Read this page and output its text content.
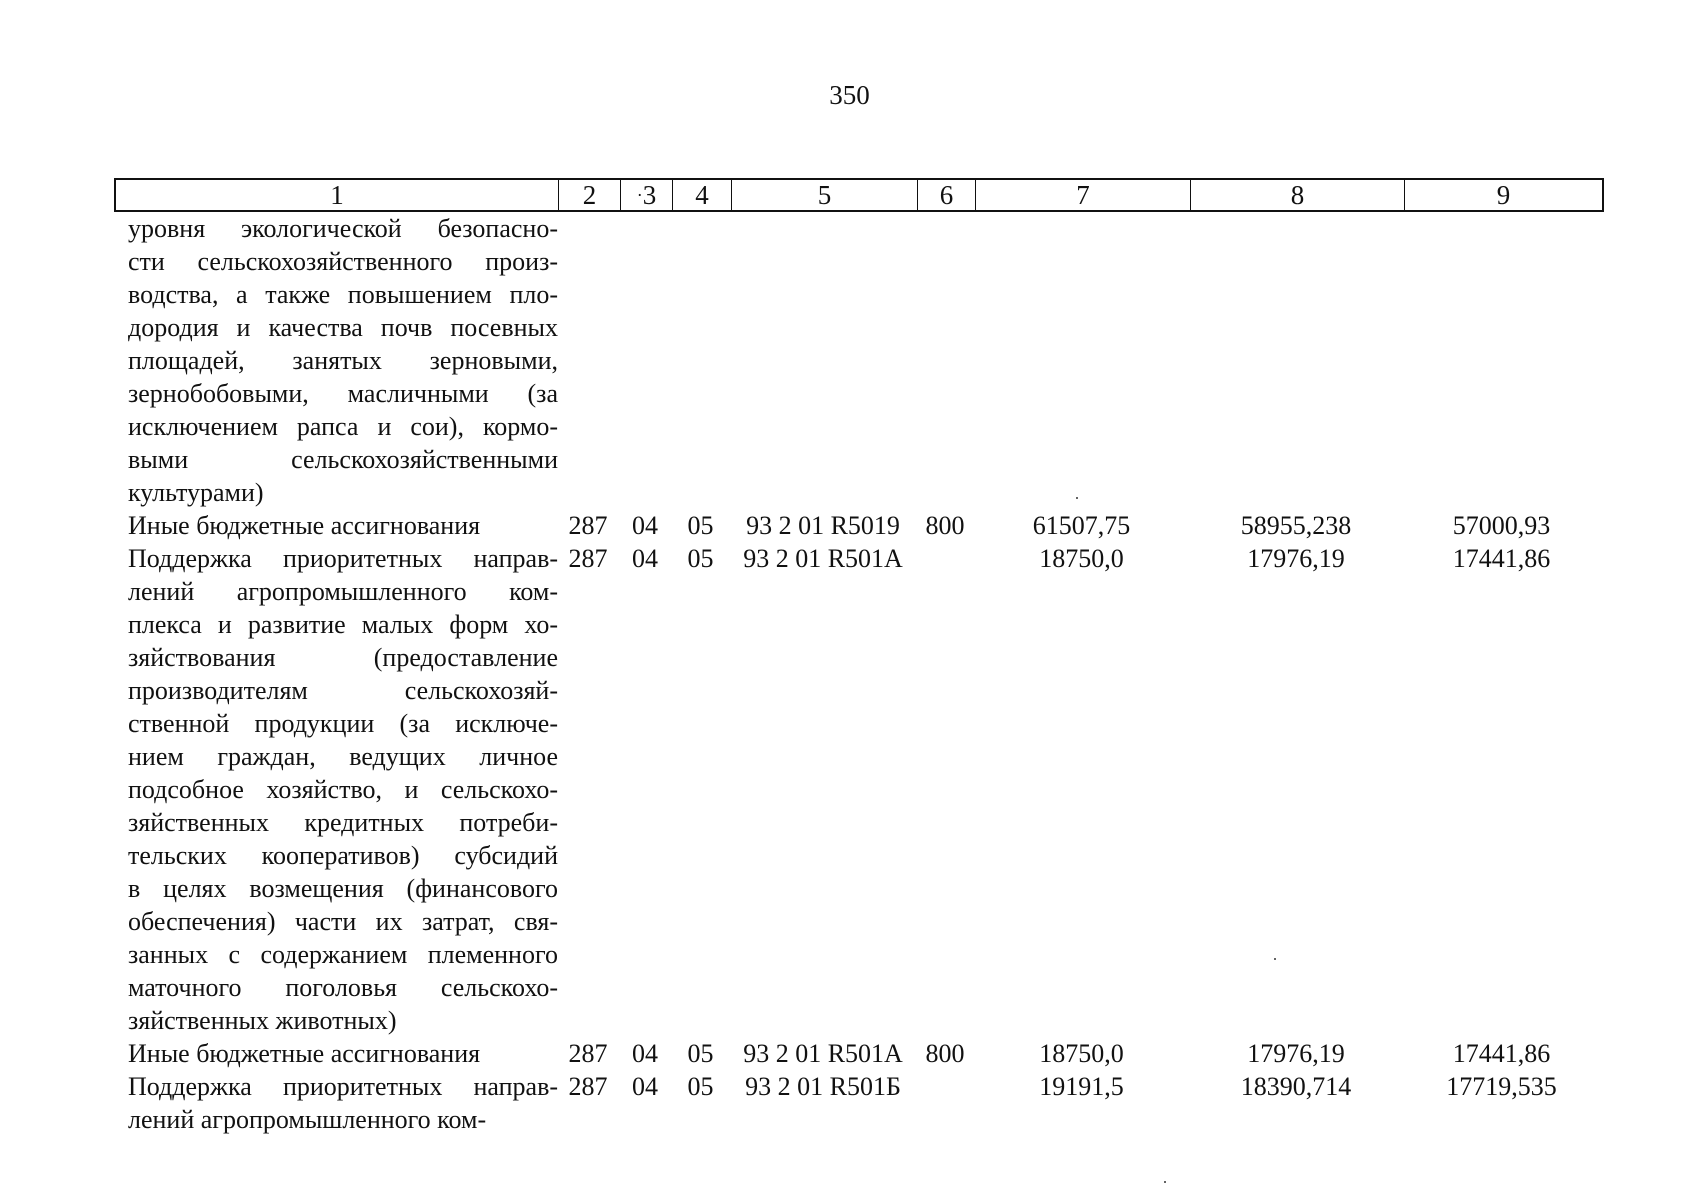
350
1	2	·3	4	5	6	7	8	9
уровня экологической безопасно-
сти сельскохозяйственного произ-
водства, а также повышением пло-
дородия и качества почв посевных
площадей, занятых зерновыми,
зернобобовыми, масличными (за
исключением рапса и сои), кормо-
выми сельскохозяйственными
культурами)
Иные бюджетные ассигнования	287 04	05	93 2 01 R5019 800	61507,75	58955,238	57000,93
Поддержка приоритетных направ-
лений агропромышленного ком-
плекса и развитие малых форм хо-
зяйствования (предоставление
производителям сельскохозяй-
ственной продукции (за исключе-
нием граждан, ведущих личное
подсобное хозяйство, и сельскохо-
зяйственных кредитных потреби-
тельских кооперативов) субсидий
в целях возмещения (финансового
обеспечения) части их затрат, свя-
занных с содержанием племенного
маточного поголовья сельскохо-
зяйственных животных)
287 04	05	93 2 01 R501А	18750,0	17976,19	17441,86
Иные бюджетные ассигнования	287 04	05	93 2 01 R501А 800	18750,0	17976,19	17441,86
Поддержка приоритетных направ-
лений агропромышленного ком-
287 04	05	93 2 01 R501Б	19191,5	18390,714	17719,535
